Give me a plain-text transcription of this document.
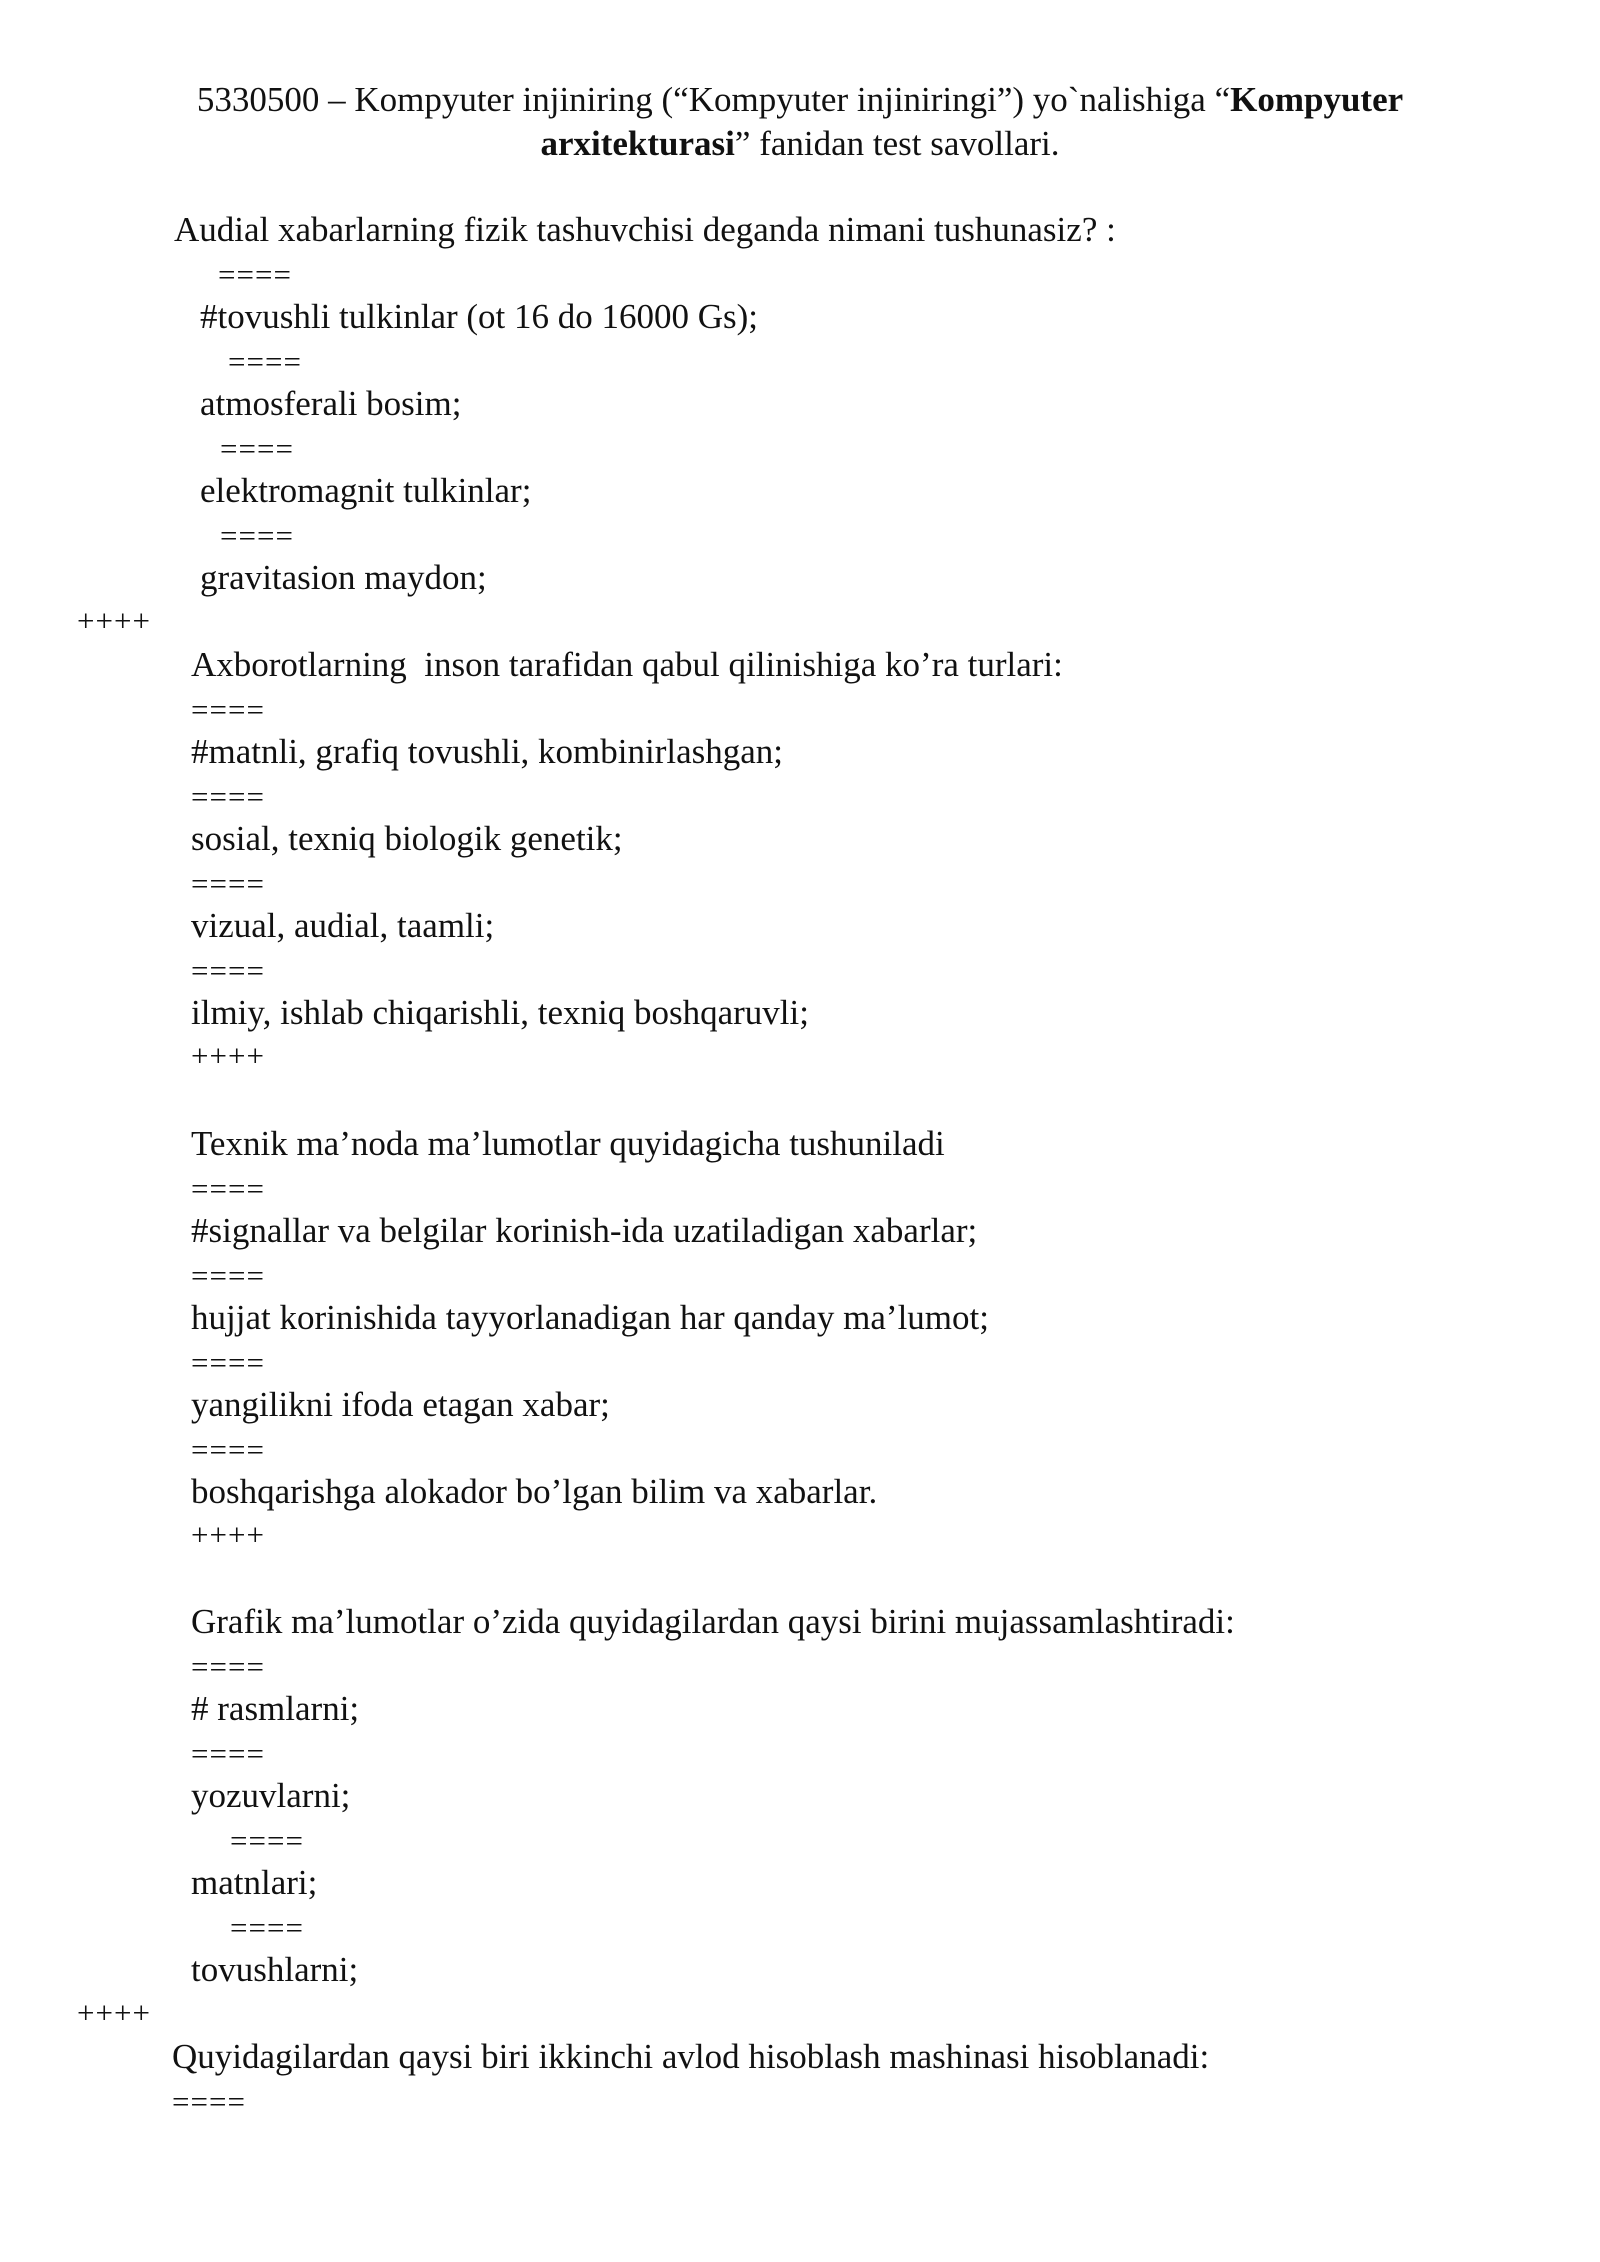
5330500 – Kompyuter injiniring (“Kompyuter injiniringi”) yo`nalishiga “Kompyuter
arxitekturasi” fanidan test savollari.
Audial xabarlarning fizik tashuvchisi deganda nimani tushunasiz? :
====
#tovushli tulkinlar (ot 16 do 16000 Gs);
====
atmosferali bosim;
====
elektromagnit tulkinlar;
====
gravitasion maydon;
++++
Axborotlarning  inson tarafidan qabul qilinishiga ko’ra turlari:
====
#matnli, grafiq tovushli, kombinirlashgan;
====
sosial, texniq biologik genetik;
====
vizual, audial, taamli;
====
ilmiy, ishlab chiqarishli, texniq boshqaruvli;
++++
Texnik ma’noda ma’lumotlar quyidagicha tushuniladi
====
#signallar va belgilar korinish-ida uzatiladigan xabarlar;
====
hujjat korinishida tayyorlanadigan har qanday ma’lumot;
====
yangilikni ifoda etagan xabar;
====
boshqarishga alokador bo’lgan bilim va xabarlar.
++++
Grafik ma’lumotlar o’zida quyidagilardan qaysi birini mujassamlashtiradi:
====
# rasmlarni;
====
yozuvlarni;
====
matnlari;
====
tovushlarni;
++++
Quyidagilardan qaysi biri ikkinchi avlod hisoblash mashinasi hisoblanadi:
====
